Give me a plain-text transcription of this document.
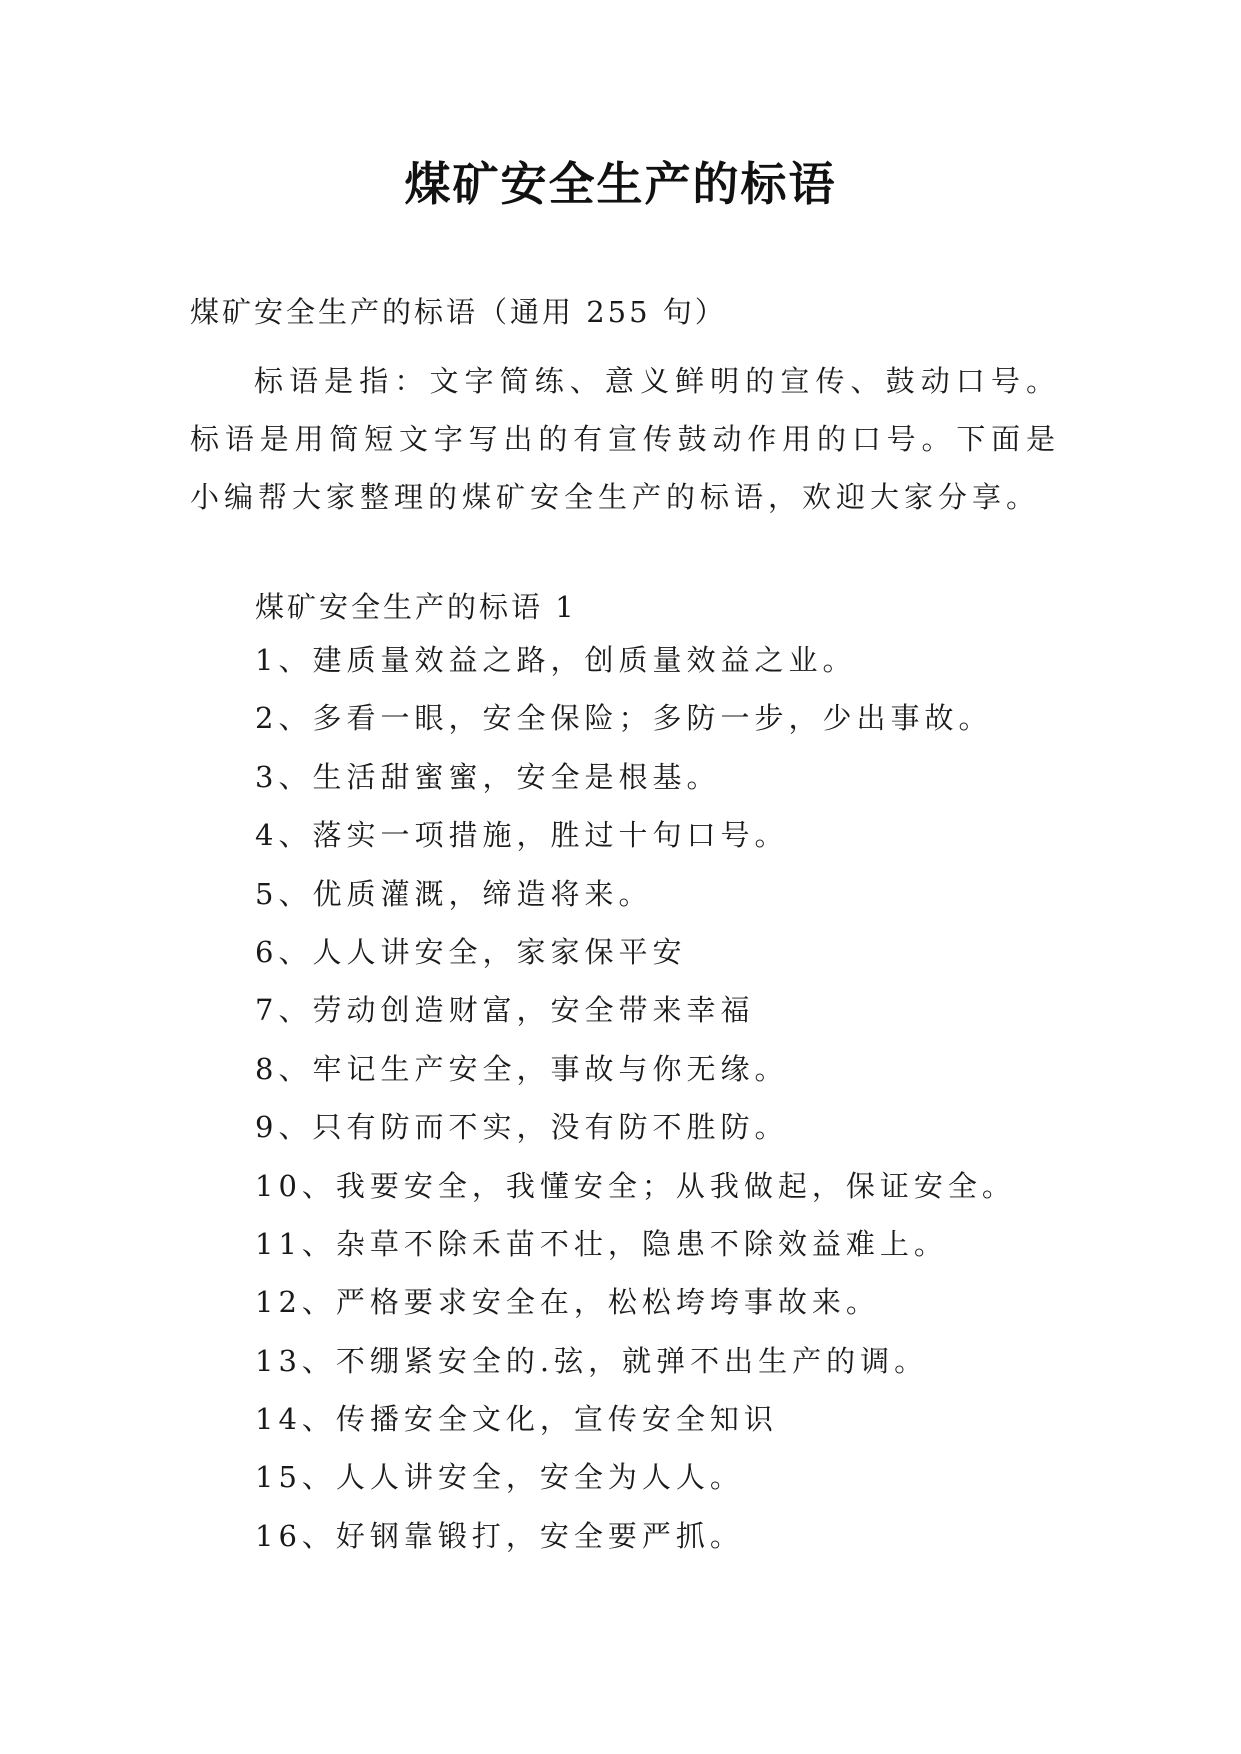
煤矿安全生产的标语

煤矿安全生产的标语（通用 255 句）

标语是指：文字简练、意义鲜明的宣传、鼓动口号。标语是用简短文字写出的有宣传鼓动作用的口号。下面是小编帮大家整理的煤矿安全生产的标语，欢迎大家分享。

煤矿安全生产的标语 1

1、建质量效益之路，创质量效益之业。
2、多看一眼，安全保险；多防一步，少出事故。
3、生活甜蜜蜜，安全是根基。
4、落实一项措施，胜过十句口号。
5、优质灌溉，缔造将来。
6、人人讲安全，家家保平安
7、劳动创造财富，安全带来幸福
8、牢记生产安全，事故与你无缘。
9、只有防而不实，没有防不胜防。
10、我要安全，我懂安全；从我做起，保证安全。
11、杂草不除禾苗不壮，隐患不除效益难上。
12、严格要求安全在，松松垮垮事故来。
13、不绷紧安全的.弦，就弹不出生产的调。
14、传播安全文化，宣传安全知识
15、人人讲安全，安全为人人。
16、好钢靠锻打，安全要严抓。
